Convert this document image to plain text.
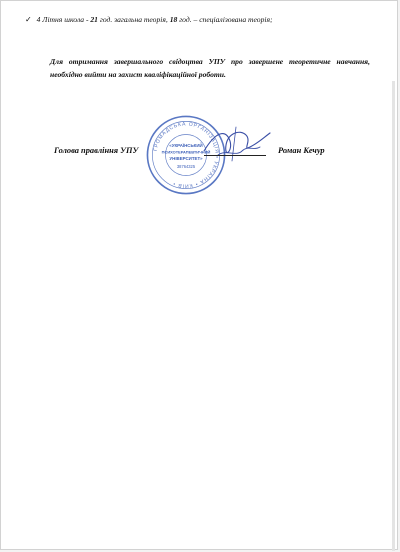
✓ 4 Літня школа - 21 год. загальна теорія, 18 год. – спеціалізована теорія;
Для отримання завершального свідоцтва УПУ про завершене теоретичне навчання, необхідно вийти на захист кваліфікаційної роботи.
Голова правління УПУ ГРОМАДСЬКА ОРГАНІЗАЦІЯ • УКРАЇНА • КИЇВ •
«УКРАЇНСЬКИЙ
ПСИХОТЕРАПЕВТИЧНИЙ
УНІВЕРСИТЕТ»
38764325
Роман Кечур
